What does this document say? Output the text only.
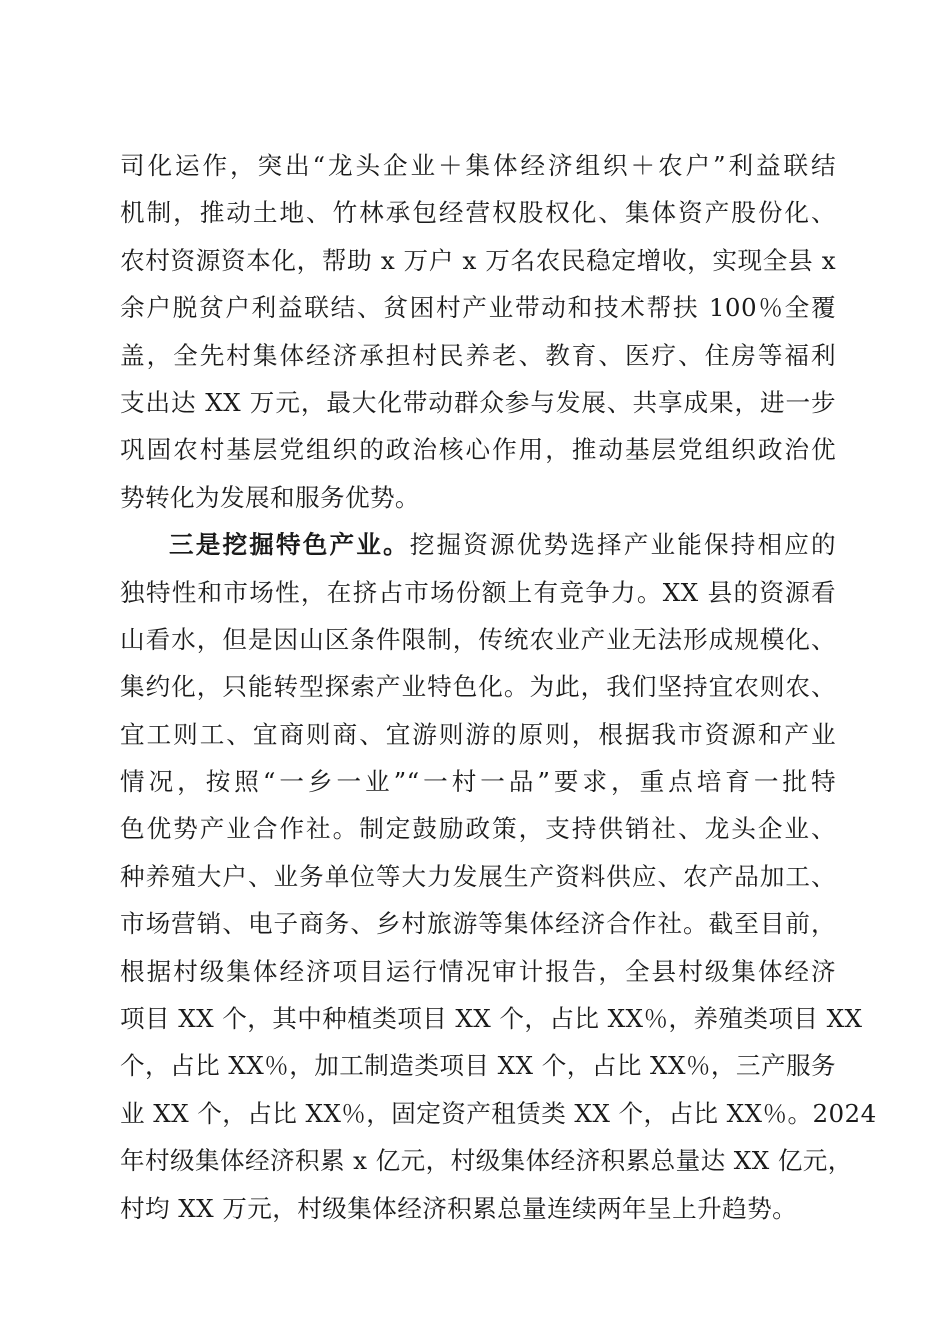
司化运作，突出“龙头企业＋集体经济组织＋农户”利益联结
机制，推动土地、竹林承包经营权股权化、集体资产股份化、
农村资源资本化，帮助 x 万户 x 万名农民稳定增收，实现全县 x
余户脱贫户利益联结、贫困村产业带动和技术帮扶 100％全覆
盖，全先村集体经济承担村民养老、教育、医疗、住房等福利
支出达 XX 万元，最大化带动群众参与发展、共享成果，进一步
巩固农村基层党组织的政治核心作用，推动基层党组织政治优
势转化为发展和服务优势。
三是挖掘特色产业。挖掘资源优势选择产业能保持相应的
独特性和市场性，在挤占市场份额上有竞争力。XX 县的资源看
山看水，但是因山区条件限制，传统农业产业无法形成规模化、
集约化，只能转型探索产业特色化。为此，我们坚持宜农则农、
宜工则工、宜商则商、宜游则游的原则，根据我市资源和产业
情况，按照“一乡一业”“一村一品”要求，重点培育一批特
色优势产业合作社。制定鼓励政策，支持供销社、龙头企业、
种养殖大户、业务单位等大力发展生产资料供应、农产品加工、
市场营销、电子商务、乡村旅游等集体经济合作社。截至目前，
根据村级集体经济项目运行情况审计报告，全县村级集体经济
项目 XX 个，其中种植类项目 XX 个，占比 XX％，养殖类项目 XX
个，占比 XX％，加工制造类项目 XX 个，占比 XX％，三产服务
业 XX 个，占比 XX％，固定资产租赁类 XX 个，占比 XX％。2024
年村级集体经济积累 x 亿元，村级集体经济积累总量达 XX 亿元，
村均 XX 万元，村级集体经济积累总量连续两年呈上升趋势。
